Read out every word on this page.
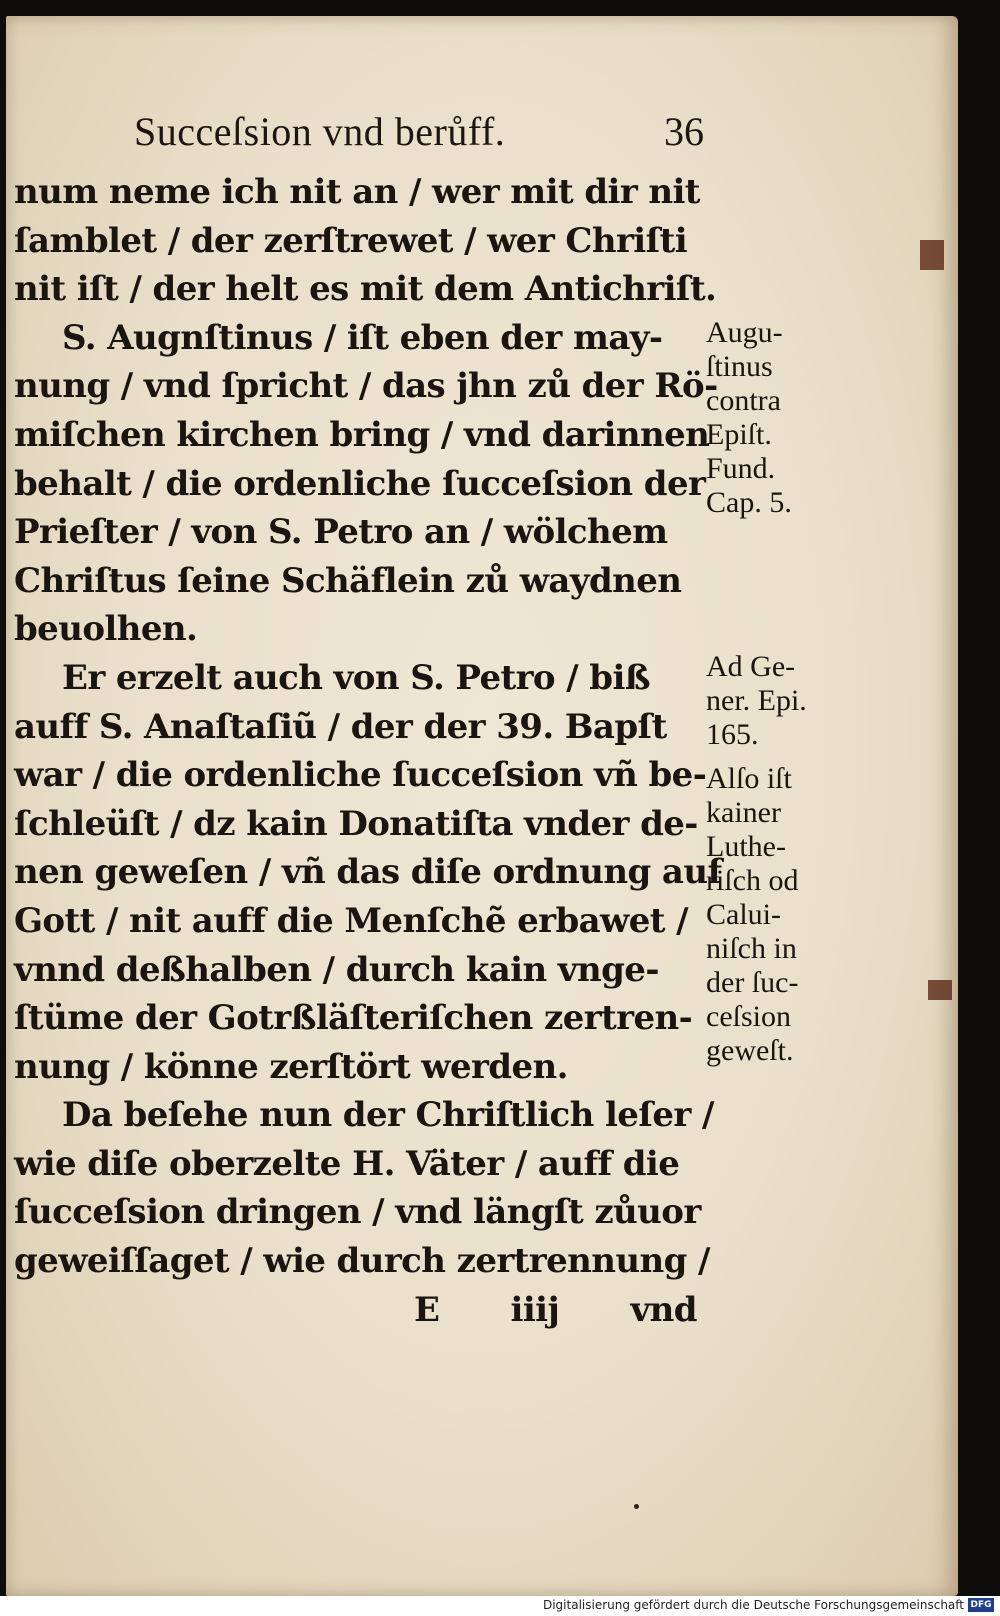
Succeſsion vnd berůff.	36
num neme ich nit an / wer mit dir nit
ſamblet / der zerſtrewet / wer Chriſti
nit iſt / der helt es mit dem Antichriſt.
S. Augnſtinus / iſt eben der may-
nung / vnd ſpricht / das jhn zů der Rö-
miſchen kirchen bring / vnd darinnen
behalt / die ordenliche ſucceſsion der
Prieſter / von S. Petro an / wölchem
Chriſtus ſeine Schäflein zů waydnen
beuolhen.
Er erzelt auch von S. Petro / biß
auff S. Anaſtaſiũ / der der 39. Bapſt
war / die ordenliche ſucceſsion vñ be-
ſchleüſt / dz kain Donatiſta vnder de-
nen geweſen / vñ das diſe ordnung auf
Gott / nit auff die Menſchẽ erbawet /
vnnd deßhalben / durch kain vnge-
ſtüme der Gotrßläſteriſchen zertren-
nung / könne zerſtört werden.
Da beſehe nun der Chriſtlich leſer /
wie diſe oberzelte H. Väter / auff die
ſucceſsion dringen / vnd längſt zůuor
geweiſſaget / wie durch zertrennung /
E iiij vnd
Augu-
ſtinus
contra
Epiſt.
Fund.
Cap. 5.
Ad Ge-
ner. Epi.
165.
Alſo iſt
kainer
Luthe-
riſch od
Calui-
niſch in
der ſuc-
ceſsion
geweſt.
Digitalisierung gefördert durch die Deutsche Forschungsgemeinschaft DFG
